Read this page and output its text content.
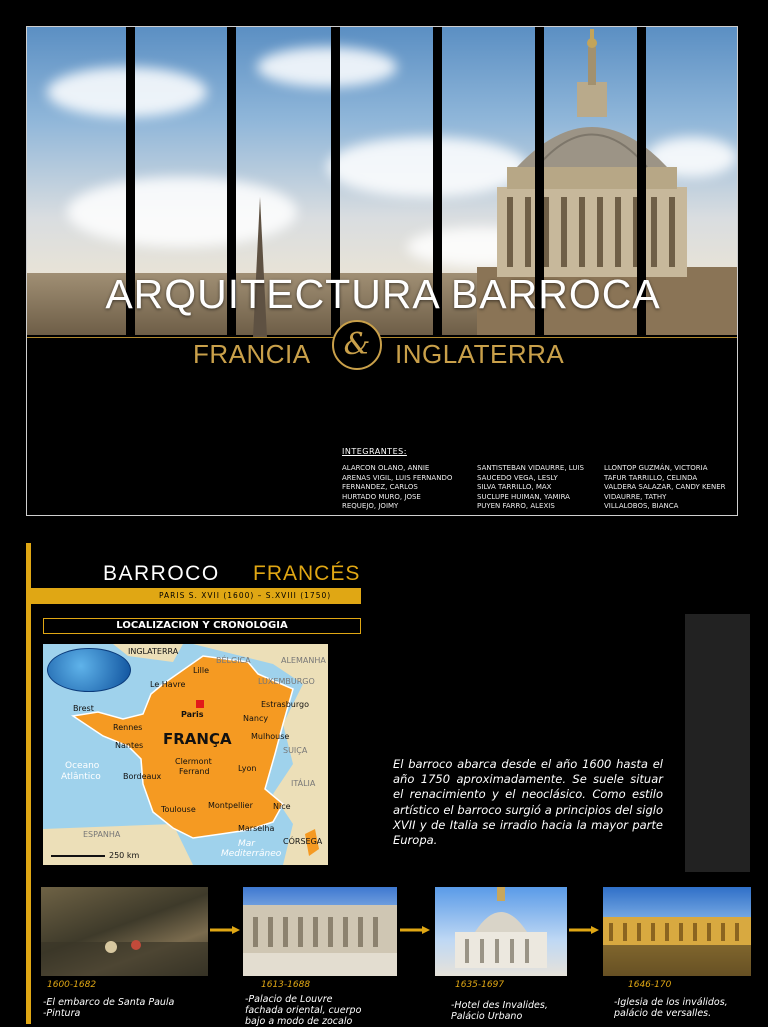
ARQUITECTURA BARROCA
FRANCIA	& INGLATERRA
INTEGRANTES:
ALARCON OLANO, ANNIE
ARENAS VIGIL, LUIS FERNANDO
FERNANDEZ, CARLOS
HURTADO MURO, JOSE
REQUEJO, JOIMY
SANTISTEBAN VIDAURRE, LUIS
SAUCEDO VEGA, LESLY
SILVA TARRILLO, MAX
SUCLUPE HUIMAN, YAMIRA
PUYEN FARRO, ALEXIS
LLONTOP GUZMÁN, VICTORIA
TAFUR TARRILLO, CELINDA
VALDERA SALAZAR, CANDY KENER
VIDAURRE, TATHY
VILLALOBOS, BIANCA
BARROCO FRANCÉS
PARIS S. XVII (1600) – S.XVIII (1750)
LOCALIZACION Y CRONOLOGIA
INGLATERRA
BÉLGICA	ALEMANHA
LUXEMBURGO
Lille
Le Havre
Paris
Estrasburgo
Brest
Rennes
Nancy
Nantes FRANÇA Mulhouse
SUIÇA
Oceano
Atlântico
Clermont
Ferrand	Lyon
Bordeaux
ITÁLIA
Toulouse Montpellier	Nice
Marselha
ESPANHA
CÓRSEGA
Mar
Mediterrâneo
250 km
El barroco abarca desde el año 1600 hasta el año 1750 aproximadamente. Se suele situar el renacimiento y el neoclásico. Como estilo artístico el barroco surgió a principios del siglo XVII y de Italia se irradio hacia la mayor parte Europa.
1600-1682	1613-1688	1635-1697	1646-170
-El embarco de Santa Paula
-Pintura
-Palacio de Louvre
fachada oriental, cuerpo
bajo a modo de zocalo
-Hotel des Invalides,
Palácio Urbano
-Iglesia de los inválidos,
palácio de versalles.
